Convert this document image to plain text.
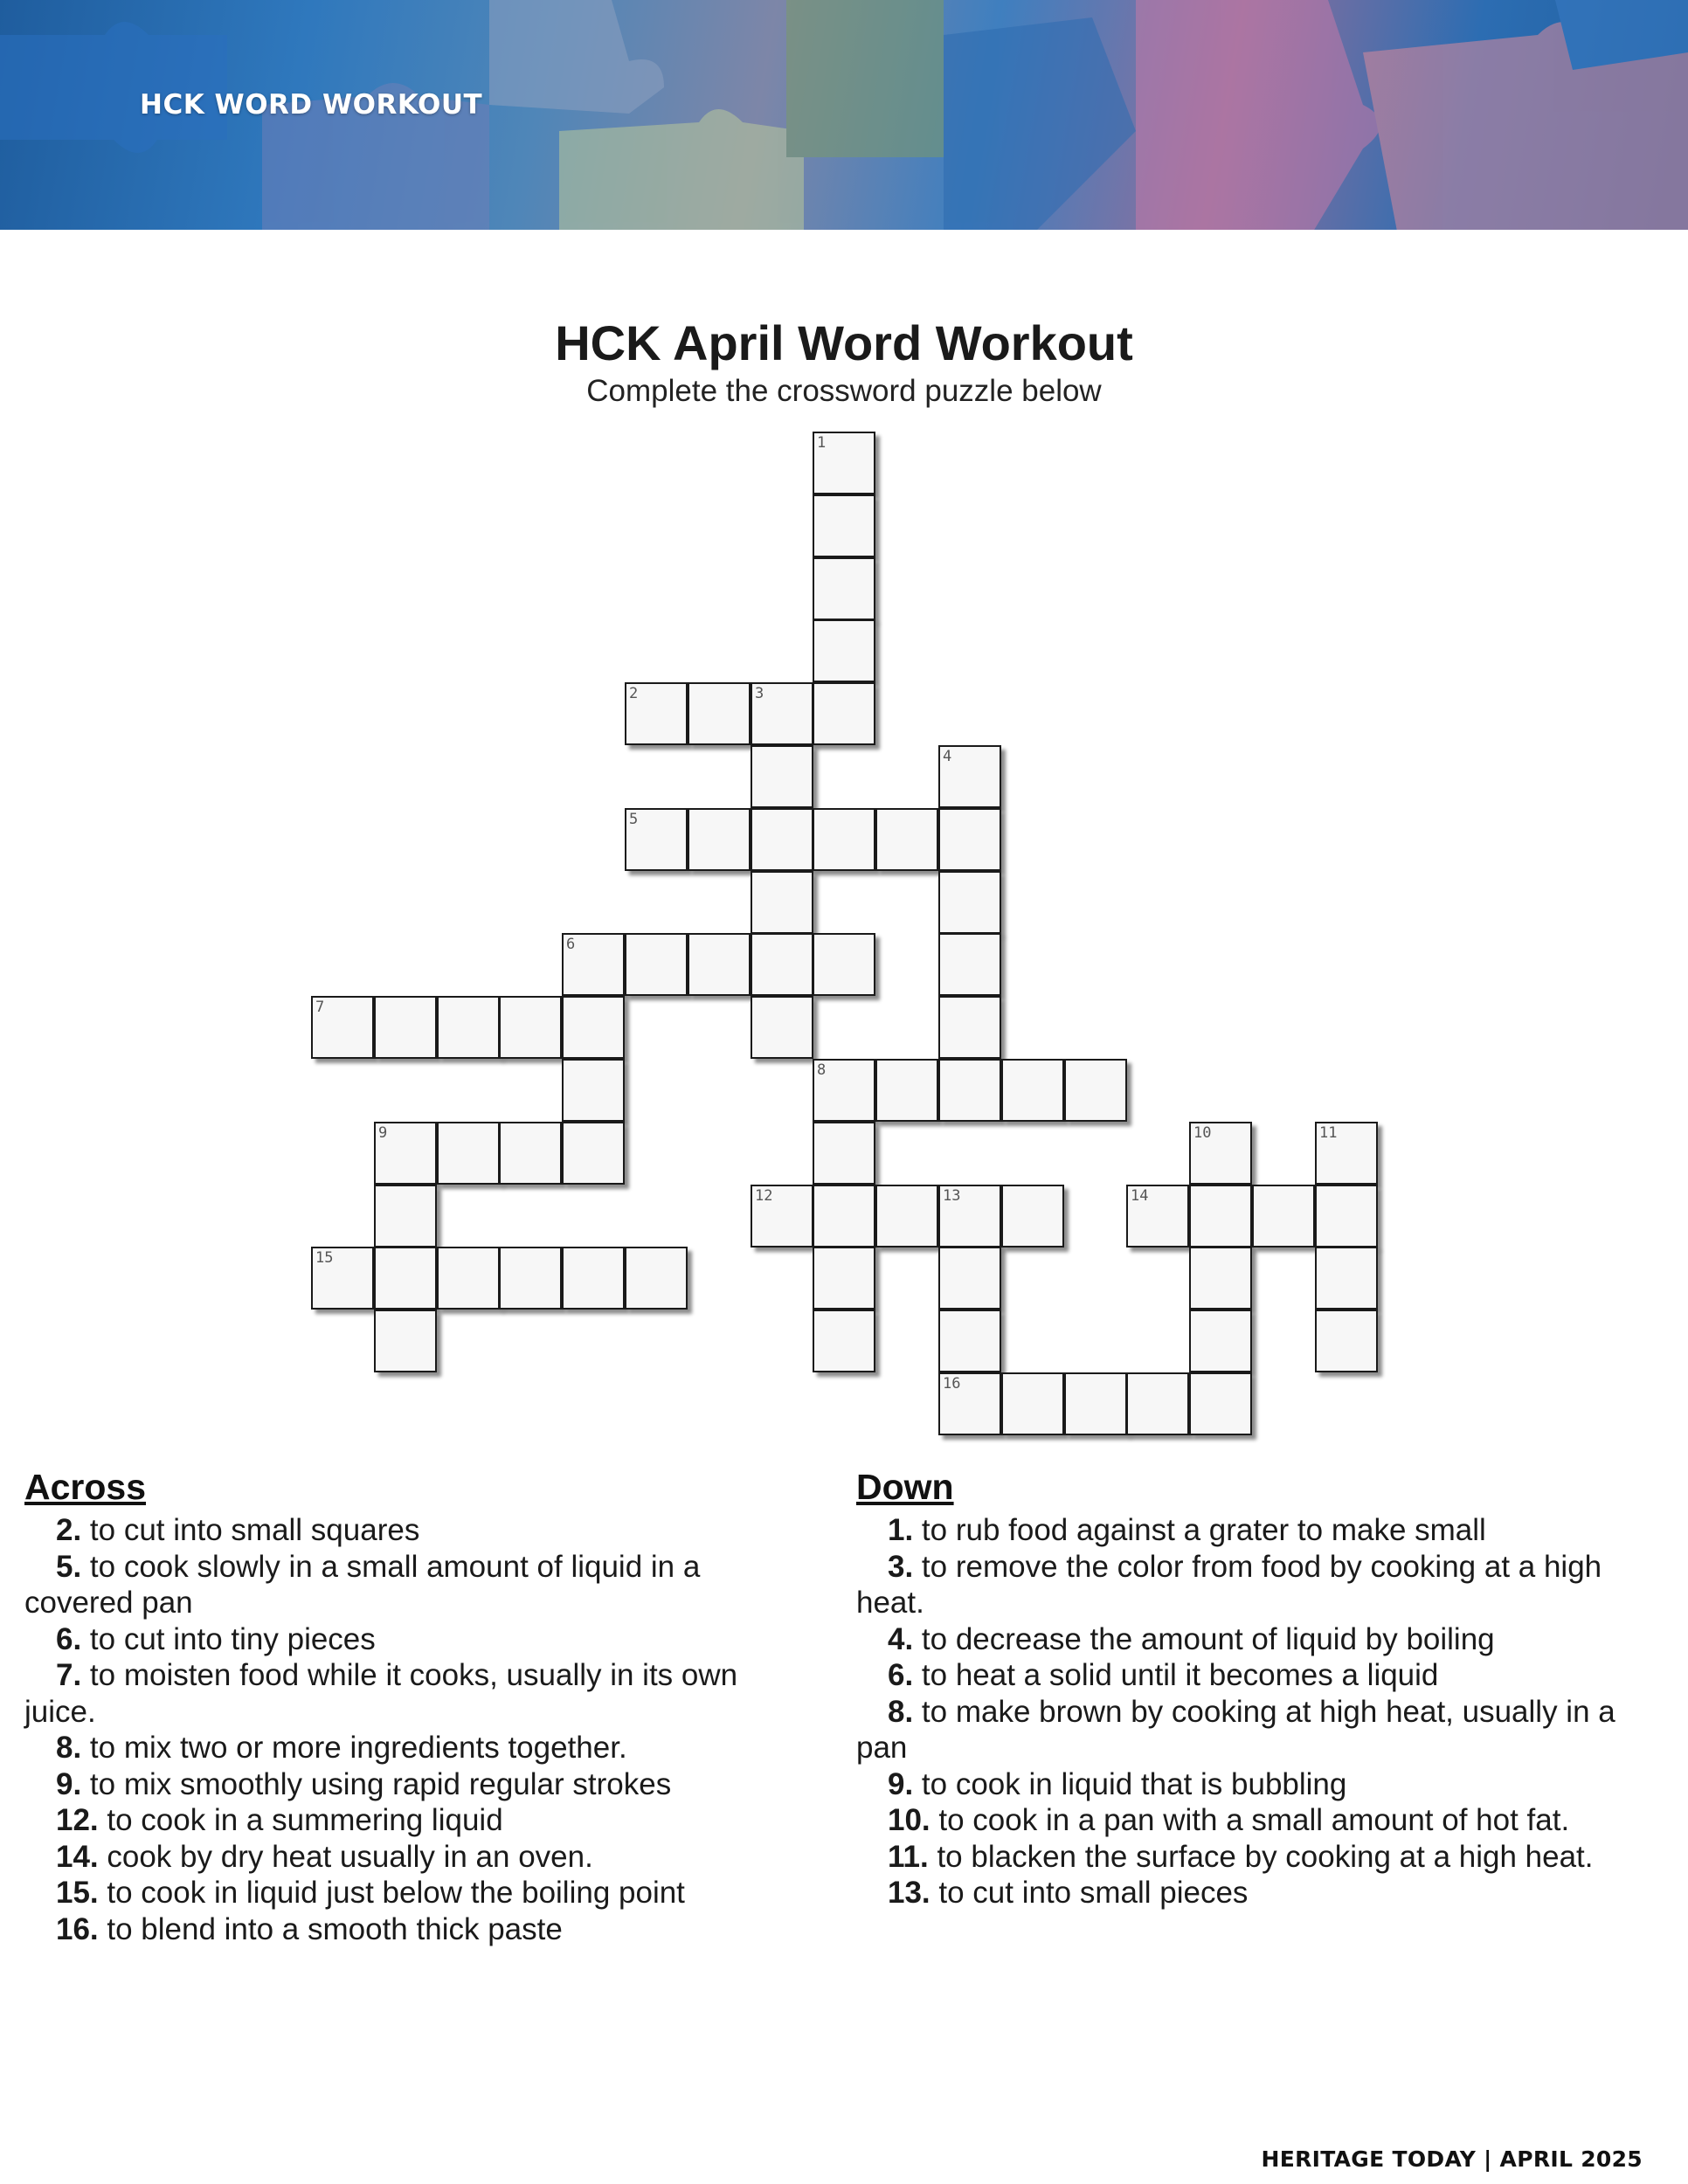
HCK WORD WORKOUT
HCK April Word Workout
Complete the crossword puzzle below
1
2	3
4
5
6
7
8
9	10	11
12	13	14
15
16
Across
2. to cut into small squares
5. to cook slowly in a small amount of liquid in a
covered pan
6. to cut into tiny pieces
7. to moisten food while it cooks, usually in its own
juice.
8. to mix two or more ingredients together.
9. to mix smoothly using rapid regular strokes
12. to cook in a summering liquid
14. cook by dry heat usually in an oven.
15. to cook in liquid just below the boiling point
16. to blend into a smooth thick paste
Down
1. to rub food against a grater to make small
3. to remove the color from food by cooking at a high
heat.
4. to decrease the amount of liquid by boiling
6. to heat a solid until it becomes a liquid
8. to make brown by cooking at high heat, usually in a
pan
9. to cook in liquid that is bubbling
10. to cook in a pan with a small amount of hot fat.
11. to blacken the surface by cooking at a high heat.
13. to cut into small pieces
HERITAGE TODAY | APRIL 2025
